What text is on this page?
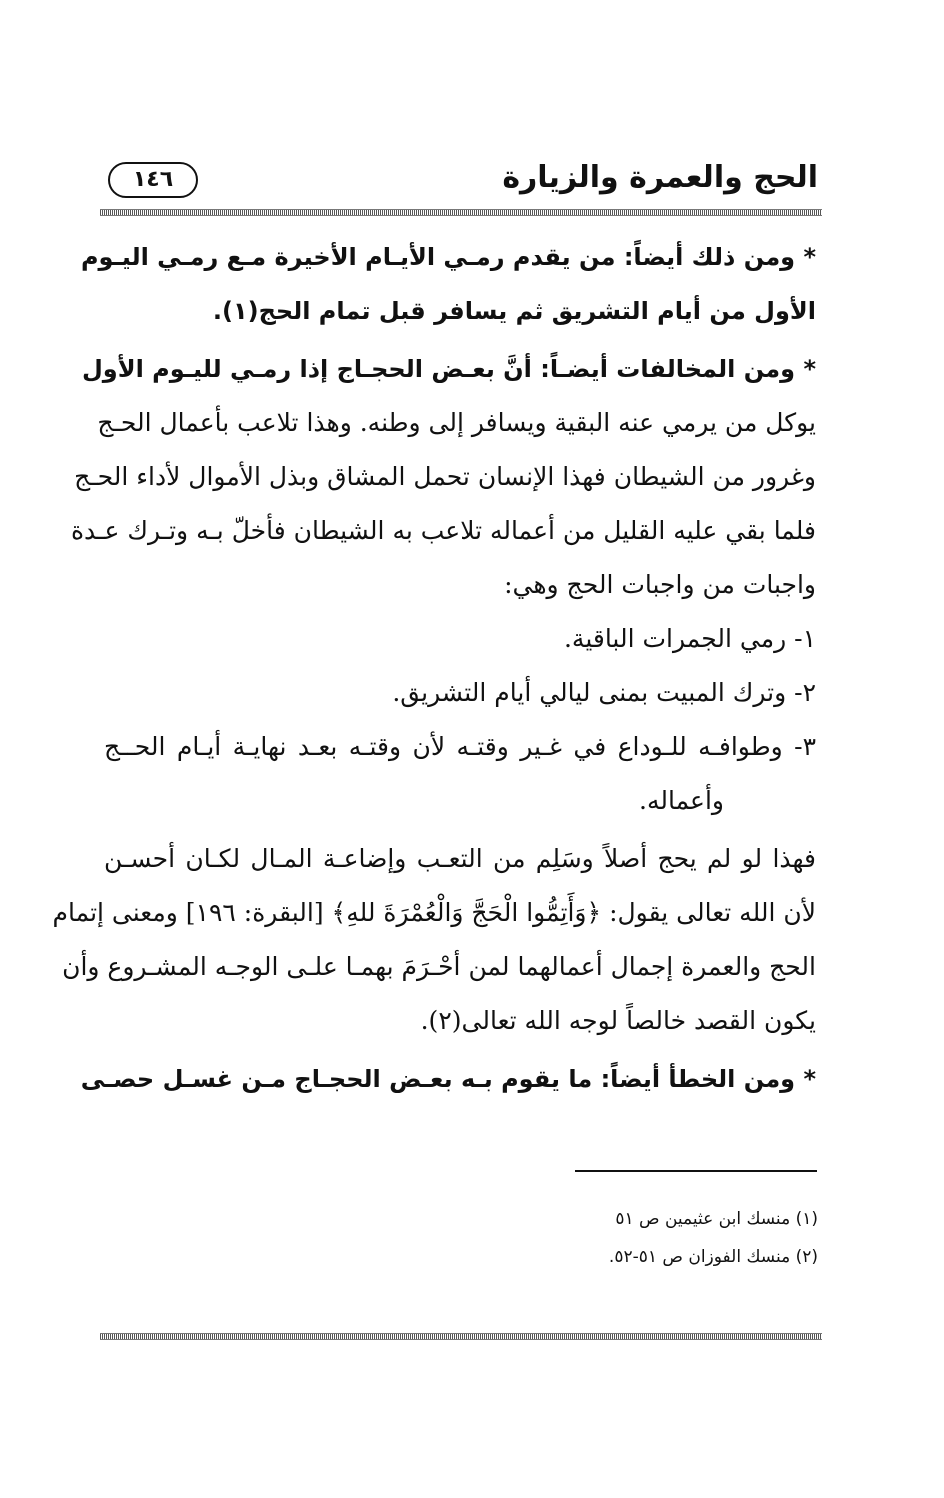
١٤٦	الحج والعمرة والزيارة
* ومن ذلك أيضاً: من يقدم رمـي الأيـام الأخيرة مـع رمـي اليـوم
الأول من أيام التشريق ثم يسافر قبل تمام الحج(١).
* ومن المخالفات أيضـاً: أنَّ بعـض الحجـاج إذا رمـي لليـوم الأول
يوكل من يرمي عنه البقية ويسافر إلى وطنه. وهذا تلاعب بأعمال الحـج
وغرور من الشيطان فهذا الإنسان تحمل المشاق وبذل الأموال لأداء الحـج
فلما بقي عليه القليل من أعماله تلاعب به الشيطان فأخلّ بـه وتـرك عـدة
واجبات من واجبات الحج وهي:
١- رمي الجمرات الباقية.
٢- وترك المبيت بمنى ليالي أيام التشريق.
٣- وطوافـه للـوداع في غـير وقتـه لأن وقتـه بعـد نهايـة أيـام الحــج
وأعماله.
فهذا لو لم يحج أصلاً وسَلِم من التعـب وإضاعـة المـال لكـان أحسـن
لأن الله تعالى يقول: ﴿وَأَتِمُّوا الْحَجَّ وَالْعُمْرَةَ للهِ﴾ [البقرة: ١٩٦] ومعنى إتمام
الحج والعمرة إجمال أعمالهما لمن أحْـرَمَ بهمـا علـى الوجـه المشـروع وأن
يكون القصد خالصاً لوجه الله تعالى(٢).
* ومن الخطأ أيضاً: ما يقوم بـه بعـض الحجـاج مـن غسـل حصـى
(١) منسك ابن عثيمين ص ٥١
(٢) منسك الفوزان ص ٥١-٥٢.
